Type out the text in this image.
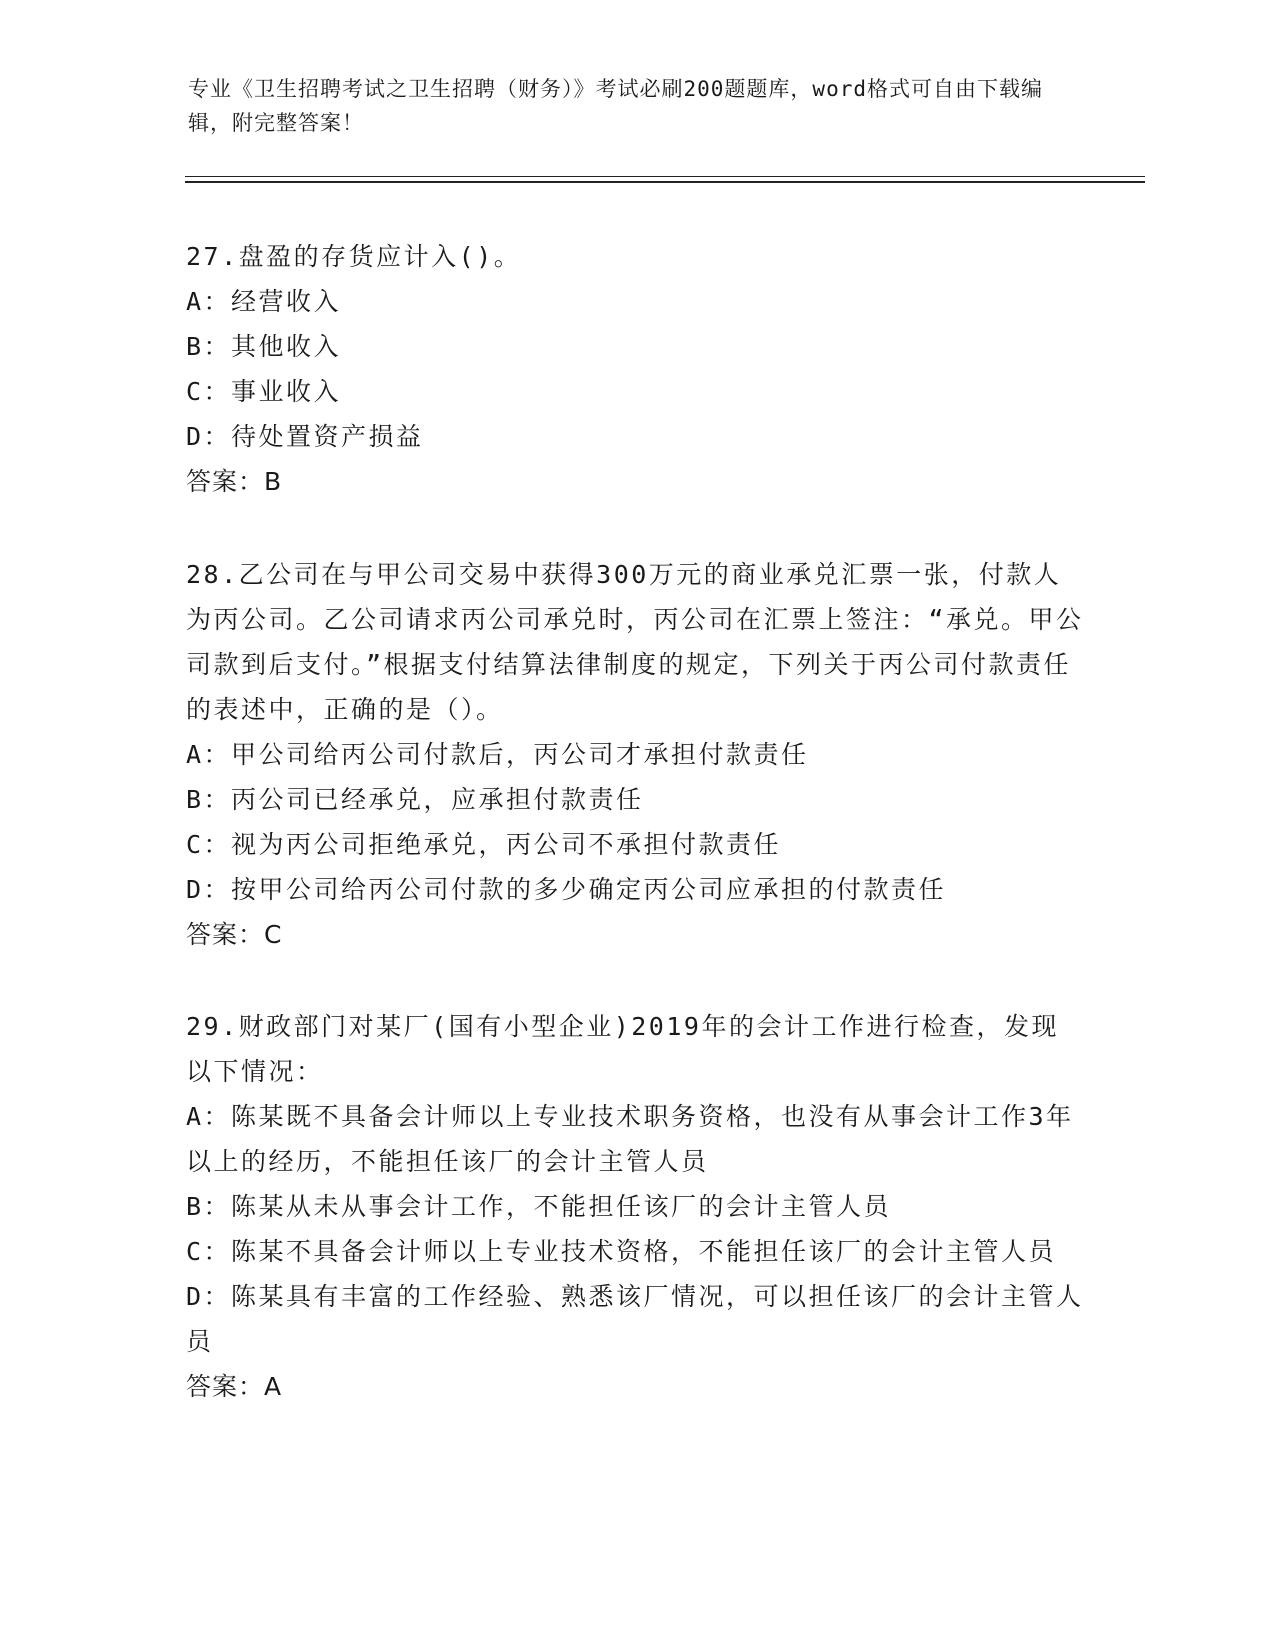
专业《卫生招聘考试之卫生招聘（财务）》考试必刷200题题库，word格式可自由下载编辑，附完整答案！

27.盘盈的存货应计入()。

A：经营收入

B：其他收入

C：事业收入

D：待处置资产损益

答案：B

28.乙公司在与甲公司交易中获得300万元的商业承兑汇票一张，付款人为丙公司。乙公司请求丙公司承兑时，丙公司在汇票上签注：“承兑。甲公司款到后支付。”根据支付结算法律制度的规定，下列关于丙公司付款责任的表述中，正确的是（）。

A：甲公司给丙公司付款后，丙公司才承担付款责任

B：丙公司已经承兑，应承担付款责任

C：视为丙公司拒绝承兑，丙公司不承担付款责任

D：按甲公司给丙公司付款的多少确定丙公司应承担的付款责任

答案：C

29.财政部门对某厂(国有小型企业)2019年的会计工作进行检查，发现以下情况：

A：陈某既不具备会计师以上专业技术职务资格，也没有从事会计工作3年以上的经历，不能担任该厂的会计主管人员

B：陈某从未从事会计工作，不能担任该厂的会计主管人员

C：陈某不具备会计师以上专业技术资格，不能担任该厂的会计主管人员

D：陈某具有丰富的工作经验、熟悉该厂情况，可以担任该厂的会计主管人员

答案：A
